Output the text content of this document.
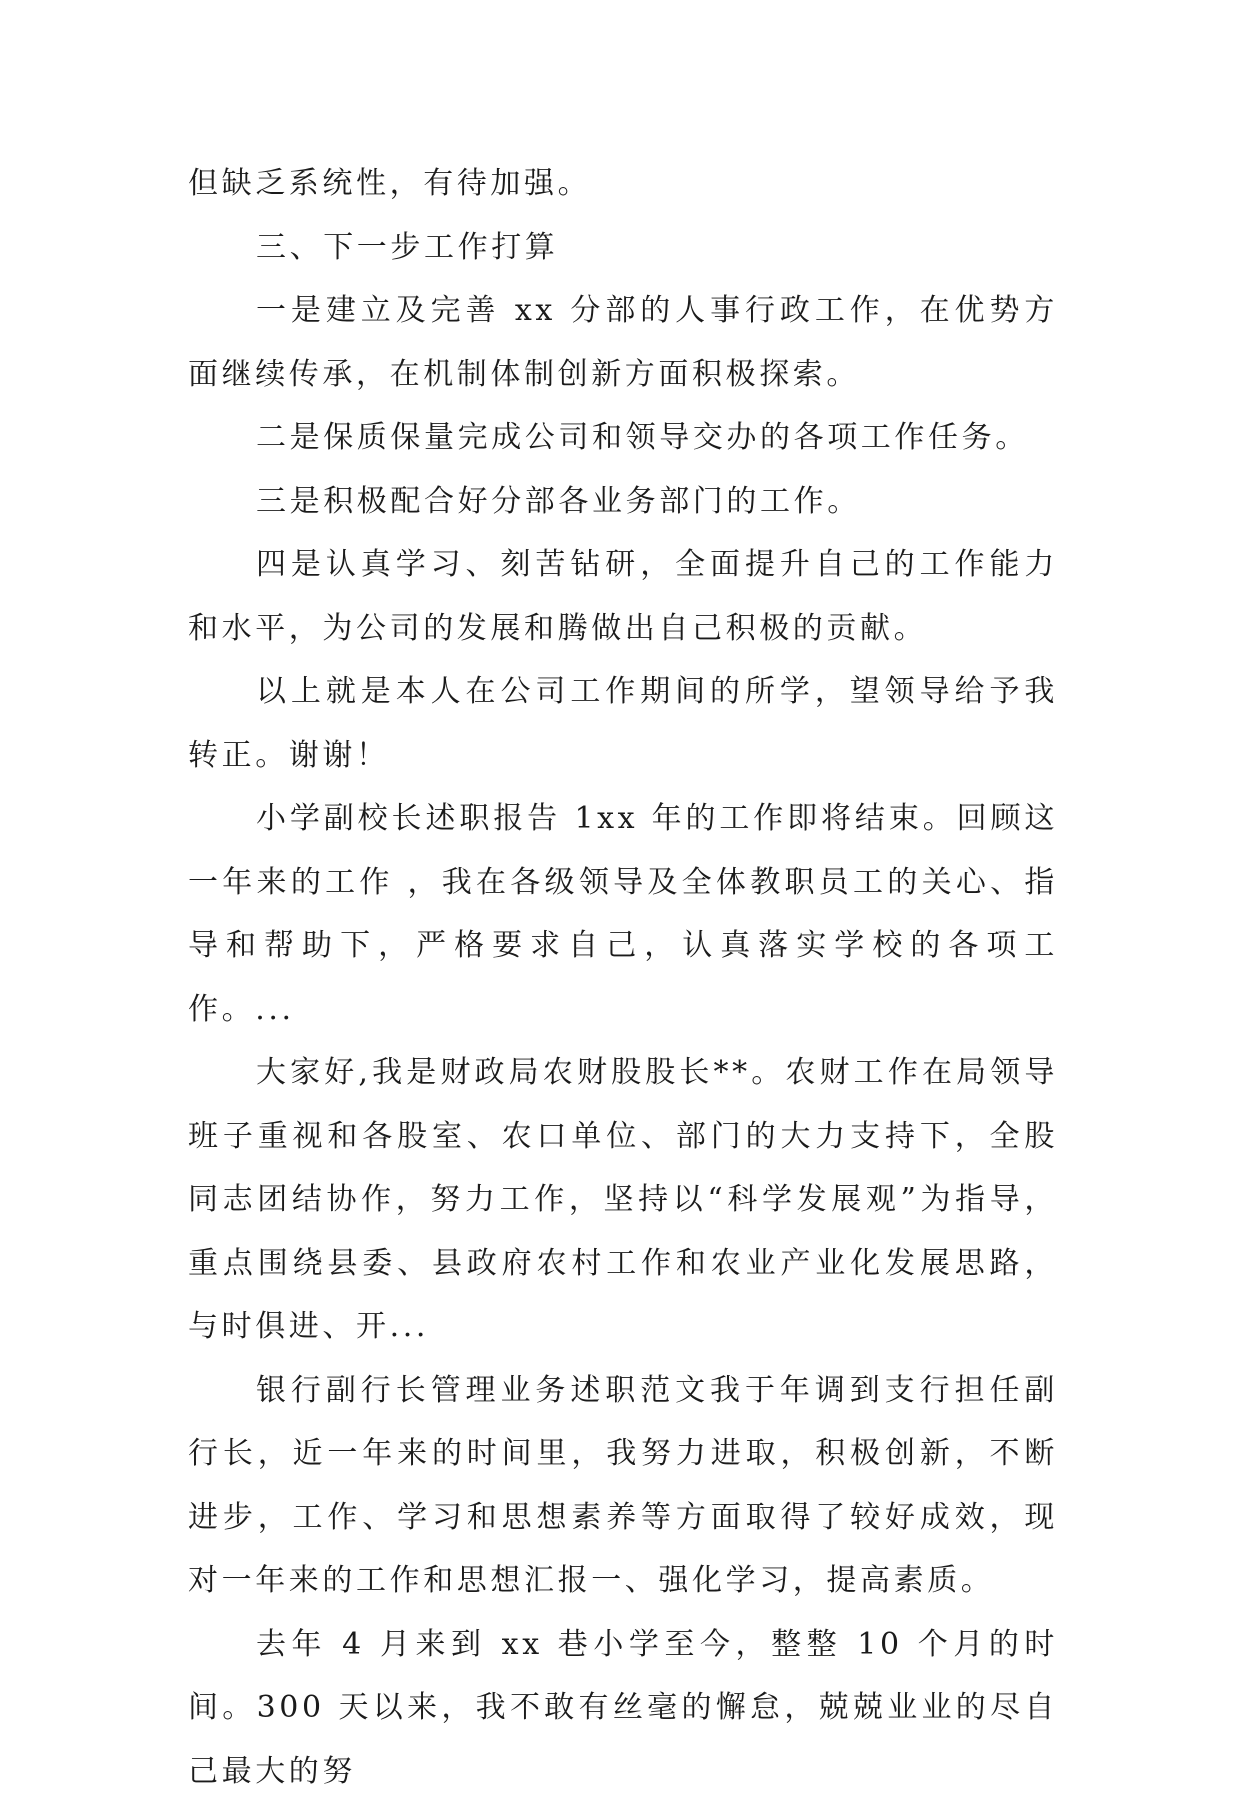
但缺乏系统性，有待加强。

三、下一步工作打算

一是建立及完善 xx 分部的人事行政工作，在优势方面继续传承，在机制体制创新方面积极探索。

二是保质保量完成公司和领导交办的各项工作任务。

三是积极配合好分部各业务部门的工作。

四是认真学习、刻苦钻研，全面提升自己的工作能力和水平，为公司的发展和腾做出自己积极的贡献。

以上就是本人在公司工作期间的所学，望领导给予我转正。谢谢！

小学副校长述职报告 1xx 年的工作即将结束。回顾这一年来的工作 ，我在各级领导及全体教职员工的关心、指导和帮助下，严格要求自己，认真落实学校的各项工作。...

大家好,我是财政局农财股股长**。农财工作在局领导班子重视和各股室、农口单位、部门的大力支持下，全股同志团结协作，努力工作，坚持以“科学发展观”为指导，重点围绕县委、县政府农村工作和农业产业化发展思路，与时俱进、开...

银行副行长管理业务述职范文我于年调到支行担任副行长，近一年来的时间里，我努力进取，积极创新，不断进步，工作、学习和思想素养等方面取得了较好成效，现对一年来的工作和思想汇报一、强化学习，提高素质。

去年 4 月来到 xx 巷小学至今，整整 10 个月的时间。300 天以来，我不敢有丝毫的懈怠，兢兢业业的尽自己最大的努
